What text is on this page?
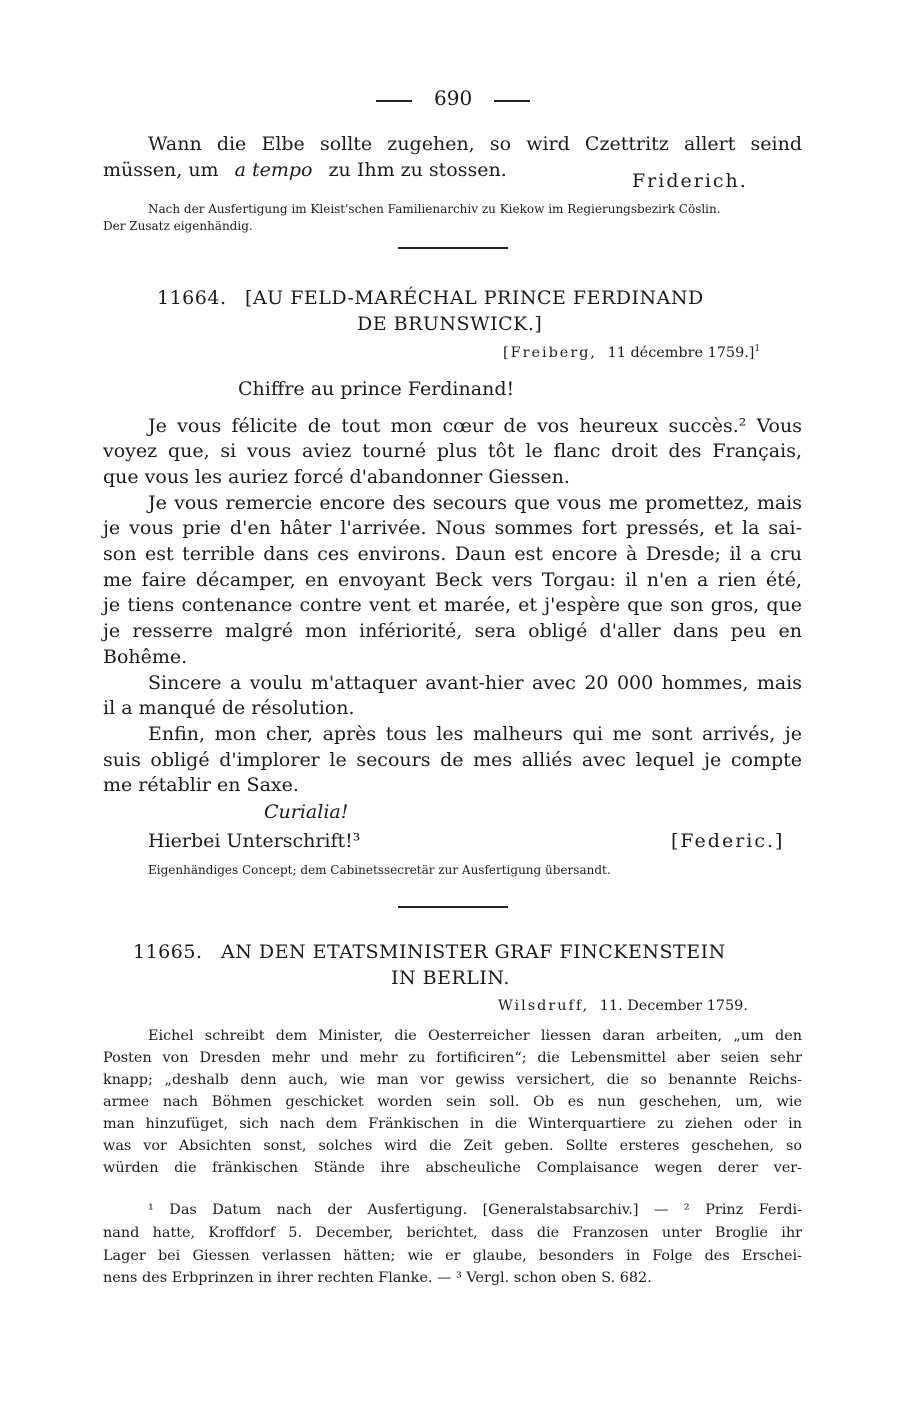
690
Wann die Elbe sollte zugehen, so wird Czettritz allert seind
müssen, um a tempo zu Ihm zu stossen.	Friderich.
Nach der Ausfertigung im Kleist'schen Familienarchiv zu Kiekow im Regierungsbezirk Cöslin.
Der Zusatz eigenhändig.
11664. [AU FELD-MARÉCHAL PRINCE FERDINAND
DE BRUNSWICK.]
[Freiberg, 11 décembre 1759.]$^1$
Chiffre au prince Ferdinand!
Je vous félicite de tout mon cœur de vos heureux succès.² Vous
voyez que, si vous aviez tourné plus tôt le flanc droit des Français,
que vous les auriez forcé d'abandonner Giessen.
Je vous remercie encore des secours que vous me promettez, mais
je vous prie d'en hâter l'arrivée. Nous sommes fort pressés, et la sai-
son est terrible dans ces environs. Daun est encore à Dresde; il a cru
me faire décamper, en envoyant Beck vers Torgau: il n'en a rien été,
je tiens contenance contre vent et marée, et j'espère que son gros, que
je resserre malgré mon infériorité, sera obligé d'aller dans peu en
Bohême.
Sincere a voulu m'attaquer avant-hier avec 20 000 hommes, mais
il a manqué de résolution.
Enfin, mon cher, après tous les malheurs qui me sont arrivés, je
suis obligé d'implorer le secours de mes alliés avec lequel je compte
me rétablir en Saxe.
Curialia!
Hierbei Unterschrift!³	[Federic.]
Eigenhändiges Concept; dem Cabinetssecretär zur Ausfertigung übersandt.
11665. AN DEN ETATSMINISTER GRAF FINCKENSTEIN
IN BERLIN.
Wilsdruff, 11. December 1759.
Eichel schreibt dem Minister, die Oesterreicher liessen daran arbeiten, „um den
Posten von Dresden mehr und mehr zu fortificiren“; die Lebensmittel aber seien sehr
knapp; „deshalb denn auch, wie man vor gewiss versichert, die so benannte Reichs-
armee nach Böhmen geschicket worden sein soll. Ob es nun geschehen, um, wie
man hinzufüget, sich nach dem Fränkischen in die Winterquartiere zu ziehen oder in
was vor Absichten sonst, solches wird die Zeit geben. Sollte ersteres geschehen, so
würden die fränkischen Stände ihre abscheuliche Complaisance wegen derer ver-
¹ Das Datum nach der Ausfertigung. [Generalstabsarchiv.] — ² Prinz Ferdi-
nand hatte, Kroffdorf 5. December, berichtet, dass die Franzosen unter Broglie ihr
Lager bei Giessen verlassen hätten; wie er glaube, besonders in Folge des Erschei-
nens des Erbprinzen in ihrer rechten Flanke. — ³ Vergl. schon oben S. 682.
